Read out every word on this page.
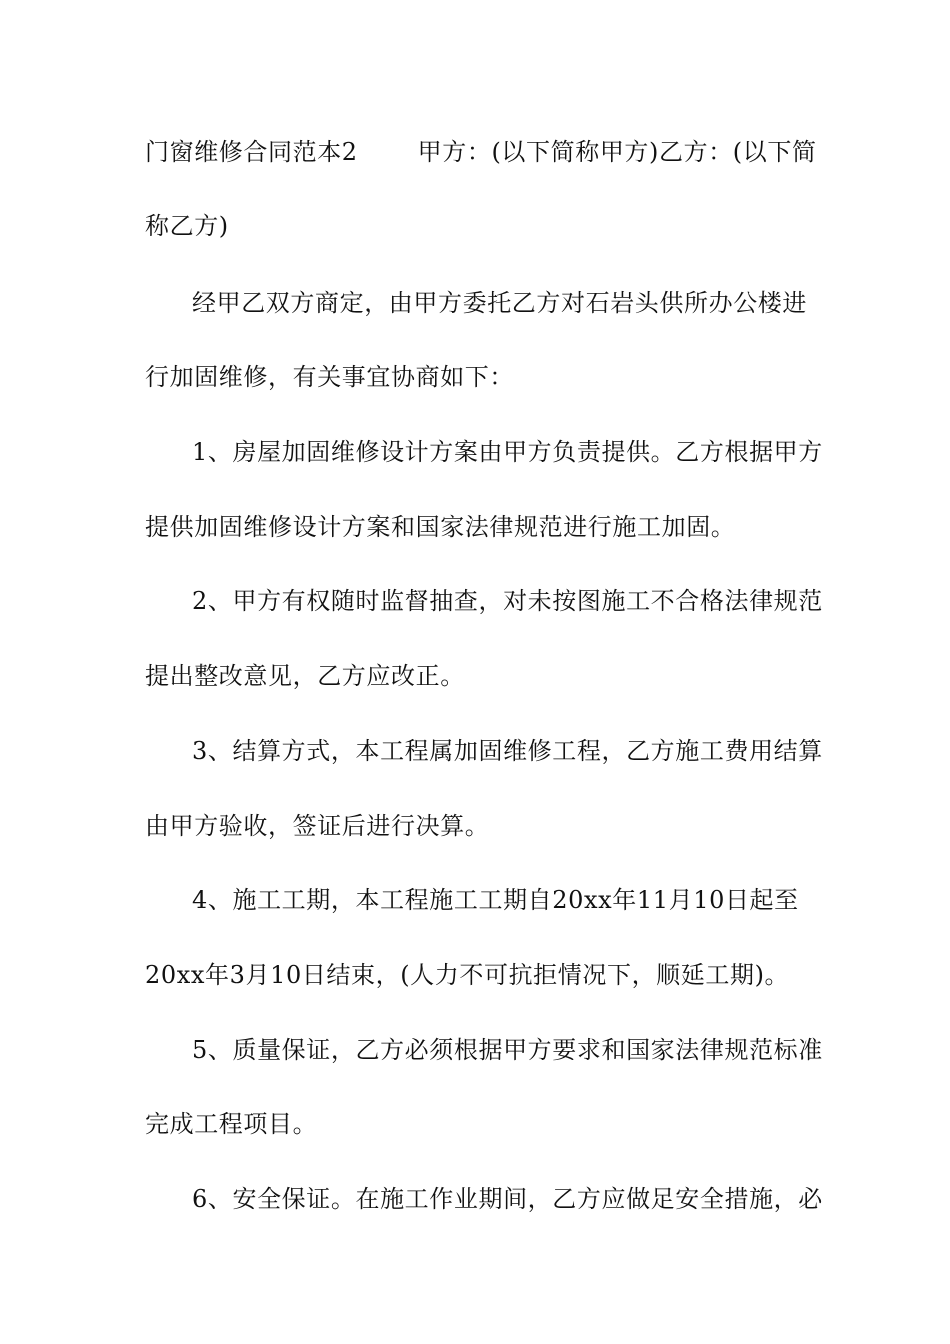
门窗维修合同范本2	甲方：(以下简称甲方)乙方：(以下简
称乙方)
经甲乙双方商定，由甲方委托乙方对石岩头供所办公楼进
行加固维修，有关事宜协商如下：
1、房屋加固维修设计方案由甲方负责提供。乙方根据甲方
提供加固维修设计方案和国家法律规范进行施工加固。
2、甲方有权随时监督抽查，对未按图施工不合格法律规范
提出整改意见，乙方应改正。
3、结算方式，本工程属加固维修工程，乙方施工费用结算
由甲方验收，签证后进行决算。
4、施工工期，本工程施工工期自20xx年11月10日起至
20xx年3月10日结束，(人力不可抗拒情况下，顺延工期)。
5、质量保证，乙方必须根据甲方要求和国家法律规范标准
完成工程项目。
6、安全保证。在施工作业期间，乙方应做足安全措施，必
